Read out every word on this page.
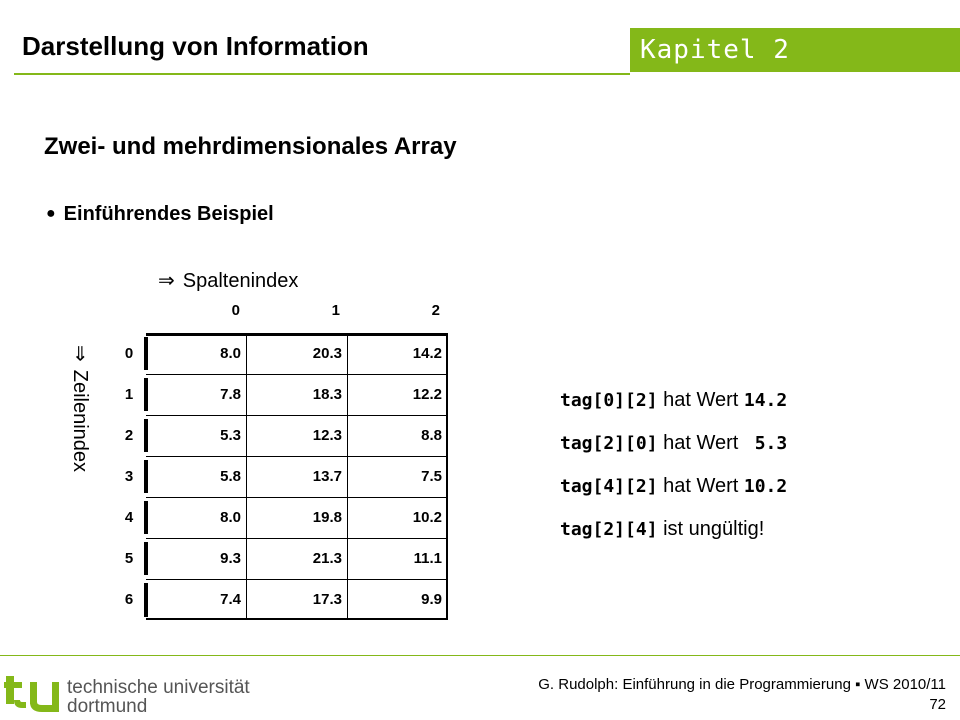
Kapitel 2
Darstellung von Information
Zwei- und mehrdimensionales Array
● Einführendes Beispiel
⇒ Spaltenindex
⇒Zeilenindex
0	1	2
0
1
2
3
4
5
6
8.0	20.3	14.2
7.8	18.3	12.2
5.3	12.3	8.8
5.8	13.7	7.5
8.0	19.8	10.2
9.3	21.3	11.1
7.4	17.3	9.9
tag[0][2] hat Wert 14.2
tag[2][0] hat Wert  5.3
tag[4][2] hat Wert 10.2
tag[2][4] ist ungültig!
technische universität
dortmund
G. Rudolph: Einführung in die Programmierung ▪ WS 2010/11
72
